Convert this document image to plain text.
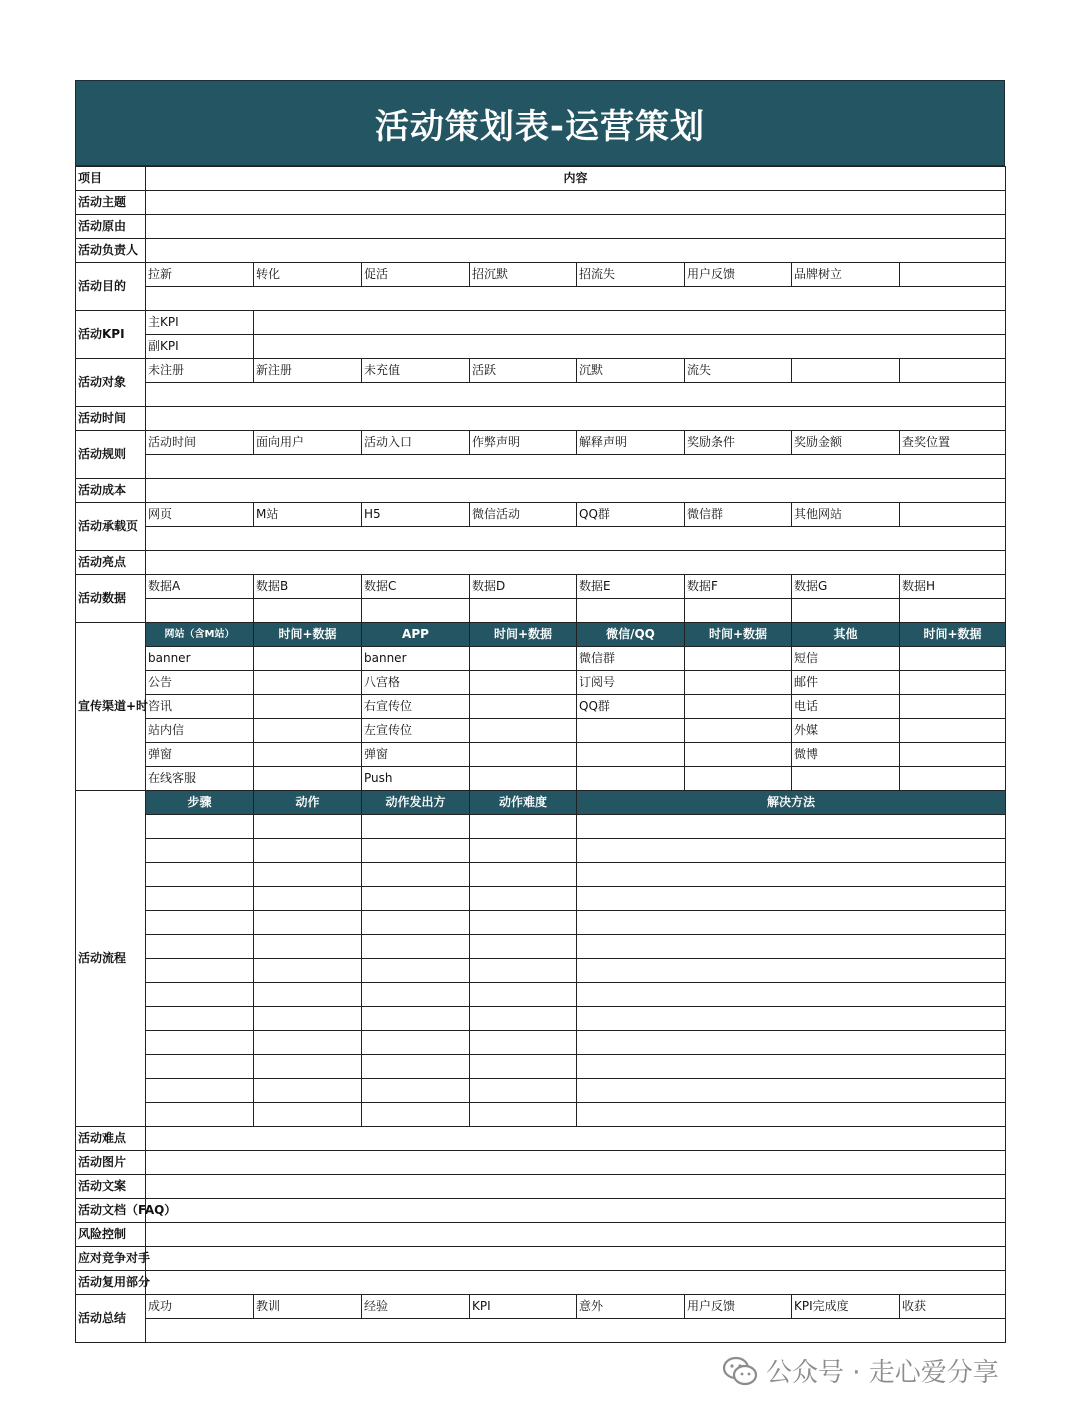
活动策划表-运营策划
项目	内容							
活动主题								
活动原由								
活动负责人								
活动目的	拉新	转化	促活	招沉默	招流失	用户反馈	品牌树立	

活动KPI	主KPI							
	副KPI							
活动对象	未注册	新注册	未充值	活跃	沉默	流失		

活动时间								
活动规则	活动时间	面向用户	活动入口	作弊声明	解释声明	奖励条件	奖励金额	查奖位置

活动成本								
活动承载页	网页	M站	H5	微信活动	QQ群	微信群	其他网站	

活动亮点								
活动数据	数据A	数据B	数据C	数据D	数据E	数据F	数据G	数据H

宣传渠道+时	网站（含M站）	时间+数据	APP	时间+数据	微信/QQ	时间+数据	其他	时间+数据
	banner		banner		微信群		短信	
	公告		八宫格		订阅号		邮件	
	咨讯		右宣传位		QQ群		电话	
	站内信		左宣传位				外媒	
	弹窗		弹窗				微博	
	在线客服		Push					
活动流程	步骤	动作	动作发出方	动作难度	解决方法			

活动难点								
活动图片								
活动文案								
活动文档（FAQ）								
风险控制								
应对竞争对手								
活动复用部分								
活动总结	成功	教训	经验	KPI	意外	用户反馈	KPI完成度	收获

公众号 · 走心爱分享
